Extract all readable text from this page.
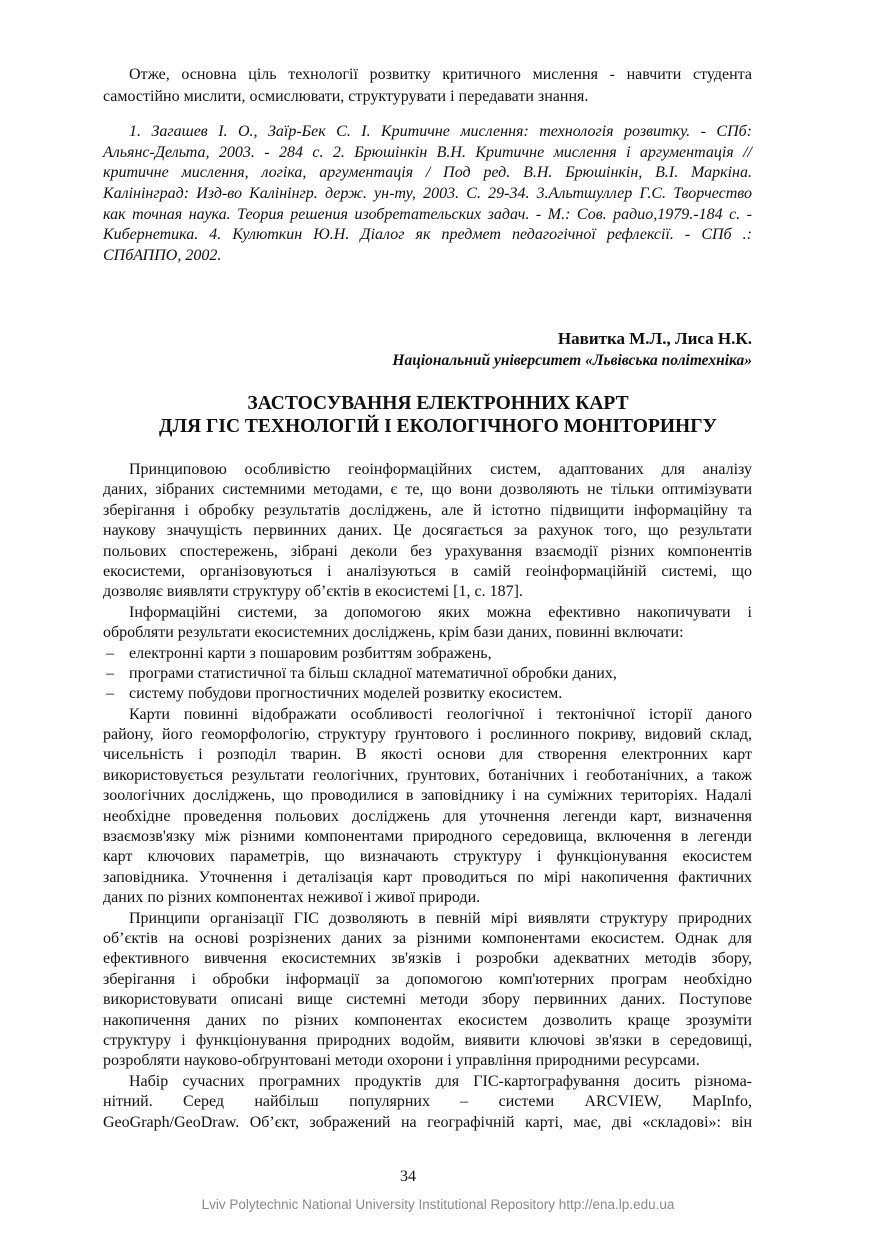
Отже, основна ціль технології розвитку критичного мислення - навчити студента
самостійно мислити, осмислювати, структурувати і передавати знання.
1. Загашев І. О., Заїр-Бек С. І. Критичне мислення: технологія розвитку. - СПб:
Альянс-Дельта, 2003. - 284 с. 2. Брюшінкін В.Н. Критичне мислення і аргументація //
критичне мислення, логіка, аргументація / Под ред. В.Н. Брюшінкін, В.І. Маркіна.
Калінінград: Изд-во Калінінгр. держ. ун-ту, 2003. С. 29-34. 3.Альтшуллер Г.С. Творчество
как точная наука. Теория решения изобретательских задач. - М.: Сов. радио,1979.-184 с. -
Кибернетика. 4. Кулюткин Ю.Н. Діалог як предмет педагогічної рефлексії. - СПб .:
СПбАППО, 2002.
Навитка М.Л., Лиса Н.К.
Національний університет «Львівська політехніка»
ЗАСТОСУВАННЯ ЕЛЕКТРОННИХ КАРТ
ДЛЯ ГІС ТЕХНОЛОГІЙ І ЕКОЛОГІЧНОГО МОНІТОРИНГУ
Принциповою особливістю геоінформаційних систем, адаптованих для аналізу
даних, зібраних системними методами, є те, що вони дозволяють не тільки оптимізувати
зберігання і обробку результатів досліджень, але й істотно підвищити інформаційну та
наукову значущість первинних даних. Це досягається за рахунок того, що результати
польових спостережень, зібрані деколи без урахування взаємодії різних компонентів
екосистеми, організовуються і аналізуються в самій геоінформаційній системі, що
дозволяє виявляти структуру об’єктів в екосистемі [1, с. 187].
Інформаційні системи, за допомогою яких можна ефективно накопичувати і
обробляти результати екосистемних досліджень, крім бази даних, повинні включати:
– електронні карти з пошаровим розбиттям зображень,
– програми статистичної та більш складної математичної обробки даних,
– систему побудови прогностичних моделей розвитку екосистем.
Карти повинні відображати особливості геологічної і тектонічної історії даного
району, його геоморфологію, структуру ґрунтового і рослинного покриву, видовий склад,
чисельність і розподіл тварин. В якості основи для створення електронних карт
використовується результати геологічних, ґрунтових, ботанічних і геоботанічних, а також
зоологічних досліджень, що проводилися в заповіднику і на суміжних територіях. Надалі
необхідне проведення польових досліджень для уточнення легенди карт, визначення
взаємозв'язку між різними компонентами природного середовища, включення в легенди
карт ключових параметрів, що визначають структуру і функціонування екосистем
заповідника. Уточнення і деталізація карт проводиться по мірі накопичення фактичних
даних по різних компонентах неживої і живої природи.
Принципи організації ГІС дозволяють в певній мірі виявляти структуру природних
об’єктів на основі розрізнених даних за різними компонентами екосистем. Однак для
ефективного вивчення екосистемних зв'язків і розробки адекватних методів збору,
зберігання і обробки інформації за допомогою комп'ютерних програм необхідно
використовувати описані вище системні методи збору первинних даних. Поступове
накопичення даних по різних компонентах екосистем дозволить краще зрозуміти
структуру і функціонування природних водойм, виявити ключові зв'язки в середовищі,
розробляти науково-обґрунтовані методи охорони і управління природними ресурсами.
Набір сучасних програмних продуктів для ГІС-картографування досить різнома-
нітний. Серед найбільш популярних – системи ARCVIEW, MapInfo,
GeoGraph/GeoDraw. Об’єкт, зображений на географічній карті, має, дві «складові»: він
34
Lviv Polytechnic National University Institutional Repository http://ena.lp.edu.ua
